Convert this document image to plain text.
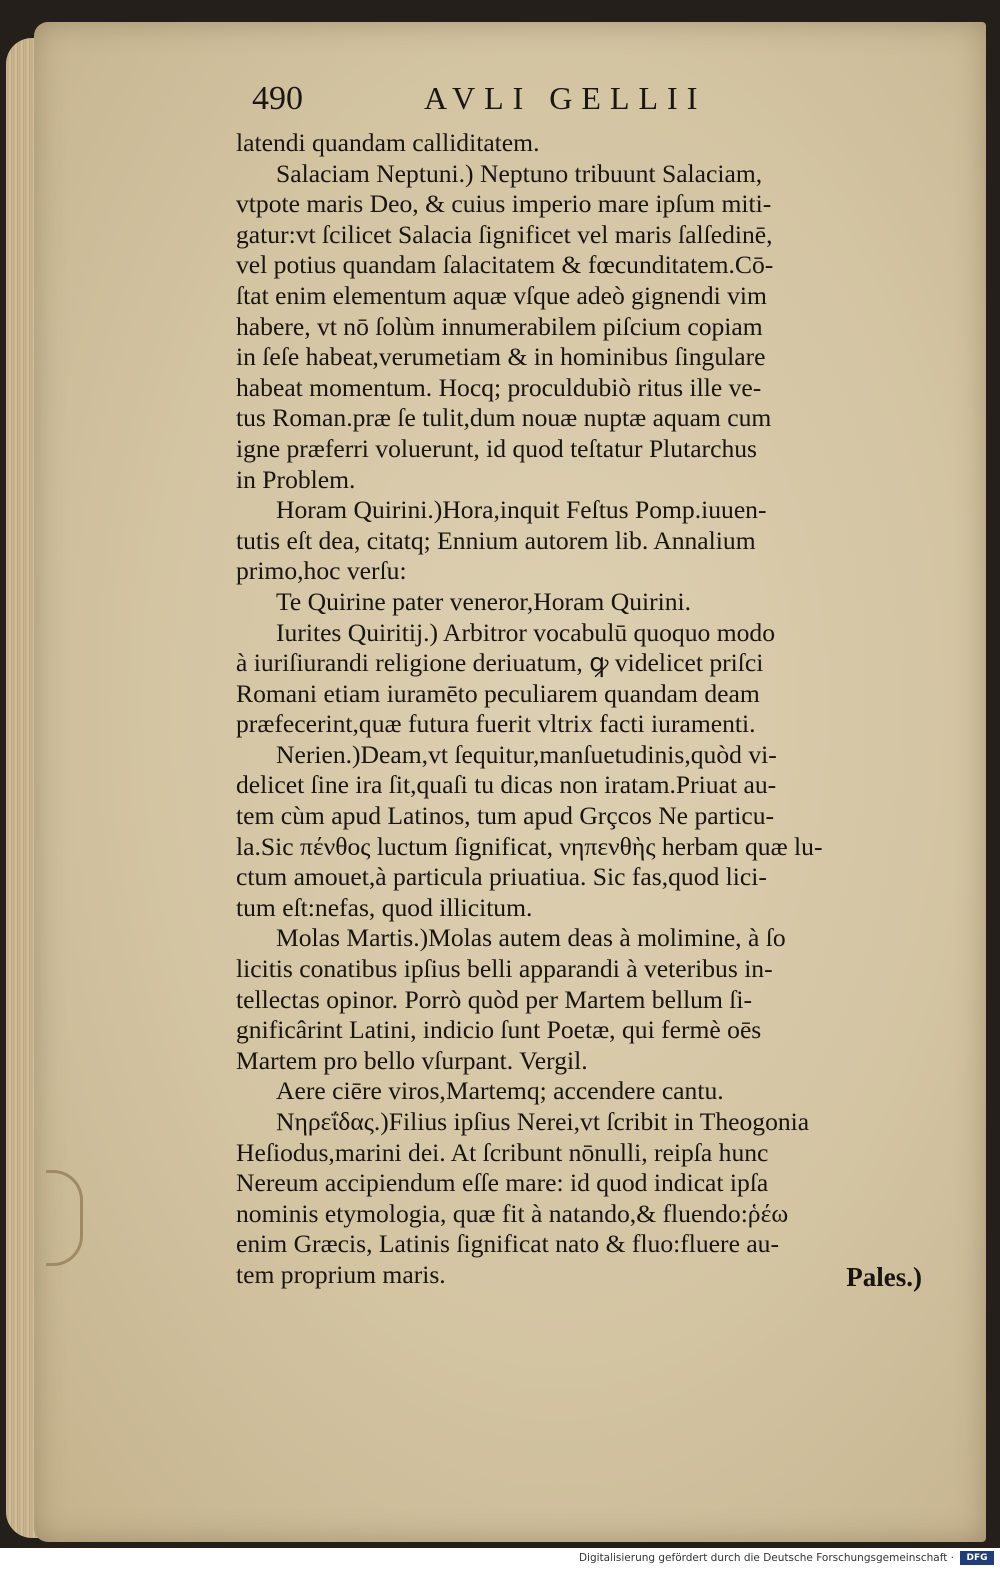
490	AVLI GELLII
latendi quandam calliditatem.
Salaciam Neptuni.) Neptuno tribuunt Salaciam,
vtpote maris Deo, & cuius imperio mare ipſum miti-
gatur:vt ſcilicet Salacia ſignificet vel maris ſalſedinē,
vel potius quandam ſalacitatem & fœcunditatem.Cō-
ſtat enim elementum aquæ vſque adeò gignendi vim
habere, vt nō ſolùm innumerabilem piſcium copiam
in ſeſe habeat,verumetiam & in hominibus ſingulare
habeat momentum. Hocq; proculdubiò ritus ille ve-
tus Roman.præ ſe tulit,dum nouæ nuptæ aquam cum
igne præferri voluerunt, id quod teſtatur Plutarchus
in Problem.
Horam Quirini.)Hora,inquit Feſtus Pomp.iuuen-
tutis eſt dea, citatq; Ennium autorem lib. Annalium
primo,hoc verſu:
Te Quirine pater veneror,Horam Quirini.
Iurites Quiritij.) Arbitror vocabulū quoquo modo
à iuriſiurandi religione deriuatum, ꝙ videlicet priſci
Romani etiam iuramēto peculiarem quandam deam
præfecerint,quæ futura fuerit vltrix facti iuramenti.
Nerien.)Deam,vt ſequitur,manſuetudinis,quòd vi-
delicet ſine ira ſit,quaſi tu dicas non iratam.Priuat au-
tem cùm apud Latinos, tum apud Grçcos Ne particu-
la.Sic πένθος luctum ſignificat, νηπενθὴς herbam quæ lu-
ctum amouet,à particula priuatiua. Sic fas,quod lici-
tum eſt:nefas, quod illicitum.
Molas Martis.)Molas autem deas à molimine, à ſo
licitis conatibus ipſius belli apparandi à veteribus in-
tellectas opinor. Porrò quòd per Martem bellum ſi-
gnificârint Latini, indicio ſunt Poetæ, qui fermè oēs
Martem pro bello vſurpant. Vergil.
Aere ciēre viros,Martemq; accendere cantu.
Νηρεΐδας.)Filius ipſius Nerei,vt ſcribit in Theogonia
Heſiodus,marini dei. At ſcribunt nōnulli, reipſa hunc
Nereum accipiendum eſſe mare: id quod indicat ipſa
nominis etymologia, quæ fit à natando,& fluendo:ῥέω
enim Græcis, Latinis ſignificat nato & fluo:fluere au-
tem proprium maris.	Pales.)
Digitalisierung gefördert durch die Deutsche Forschungsgemeinschaft ·	DFG
